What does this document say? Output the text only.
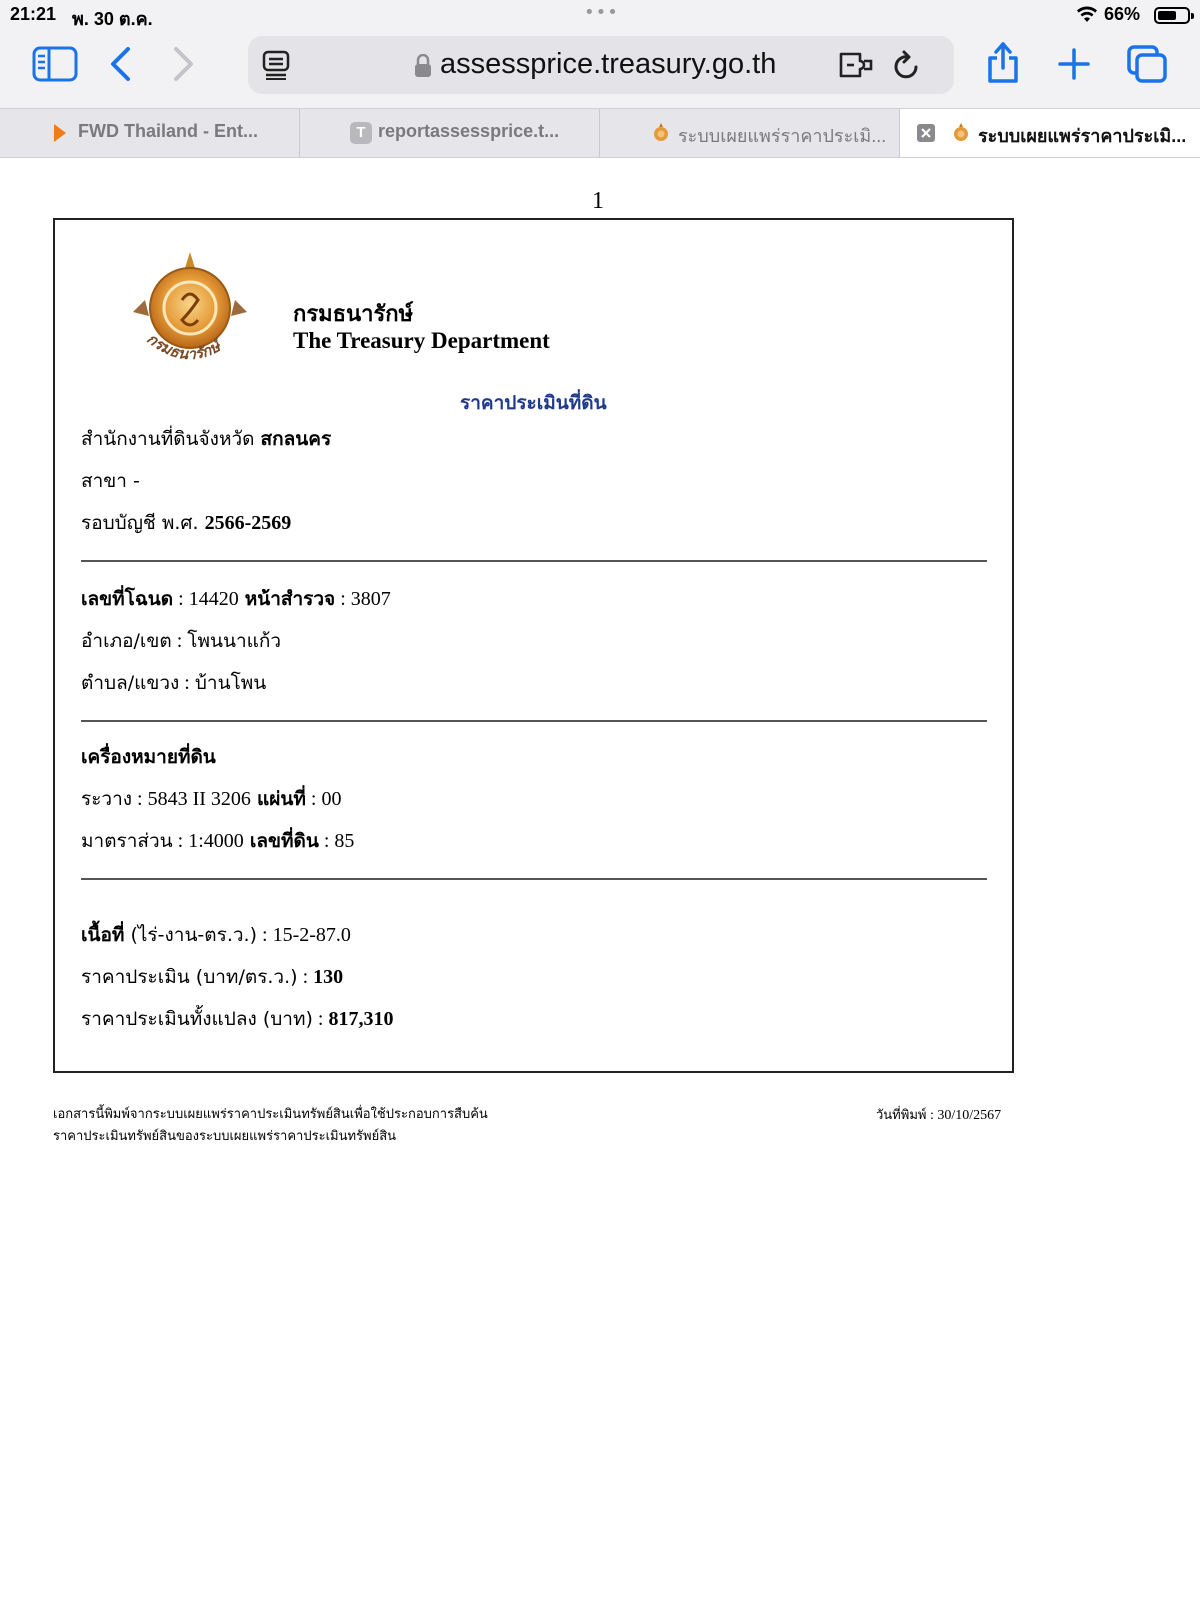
21:21 พ. 30 ต.ค.	•••	66%
assessprice.treasury.go.th
FWD Thailand - Ent...	T reportassessprice.t...	ระบบเผยแพร่ราคาประเมิ...	ระบบเผยแพร่ราคาประเมิ...
1
กรมธนารักษ์
กรมธนารักษ์
The Treasury Department
ราคาประเมินที่ดิน
สำนักงานที่ดินจังหวัด สกลนคร
สาขา -
รอบบัญชี พ.ศ. 2566-2569
เลขที่โฉนด : 14420 หน้าสำรวจ : 3807
อำเภอ/เขต : โพนนาแก้ว
ตำบล/แขวง : บ้านโพน
เครื่องหมายที่ดิน
ระวาง : 5843 II 3206 แผ่นที่ : 00
มาตราส่วน : 1:4000 เลขที่ดิน : 85
เนื้อที่ (ไร่-งาน-ตร.ว.) : 15-2-87.0
ราคาประเมิน (บาท/ตร.ว.) : 130
ราคาประเมินทั้งแปลง (บาท) : 817,310
เอกสารนี้พิมพ์จากระบบเผยแพร่ราคาประเมินทรัพย์สินเพื่อใช้ประกอบการสืบค้น
ราคาประเมินทรัพย์สินของระบบเผยแพร่ราคาประเมินทรัพย์สิน
วันที่พิมพ์ : 30/10/2567
